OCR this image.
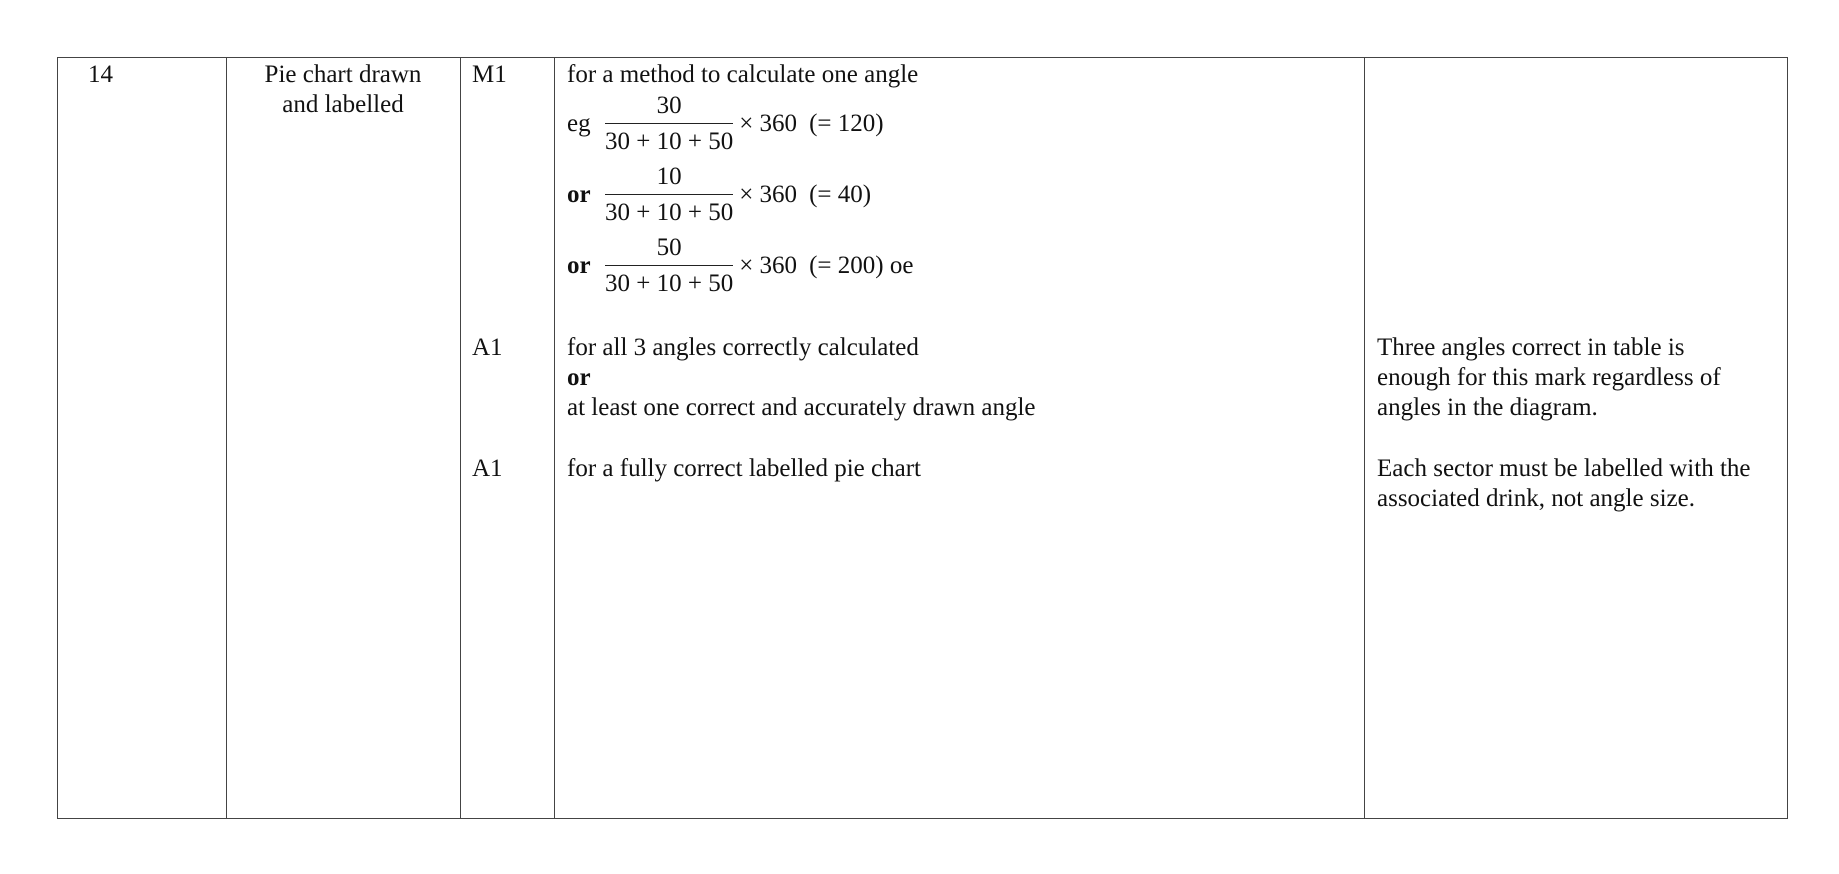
14	Pie chart drawn
and labelled
M1
A1
A1
for a method to calculate one angle
eg $\frac{30}{30 + 10 + 50} \times 360$ (= 120)
or $\frac{10}{30 + 10 + 50} \times 360$ (= 40)
or $\frac{50}{30 + 10 + 50} \times 360$ (= 200) oe
for all 3 angles correctly calculated
or
at least one correct and accurately drawn angle
Three angles correct in table is
enough for this mark regardless of
angles in the diagram.
for a fully correct labelled pie chart	Each sector must be labelled with the
associated drink, not angle size.
